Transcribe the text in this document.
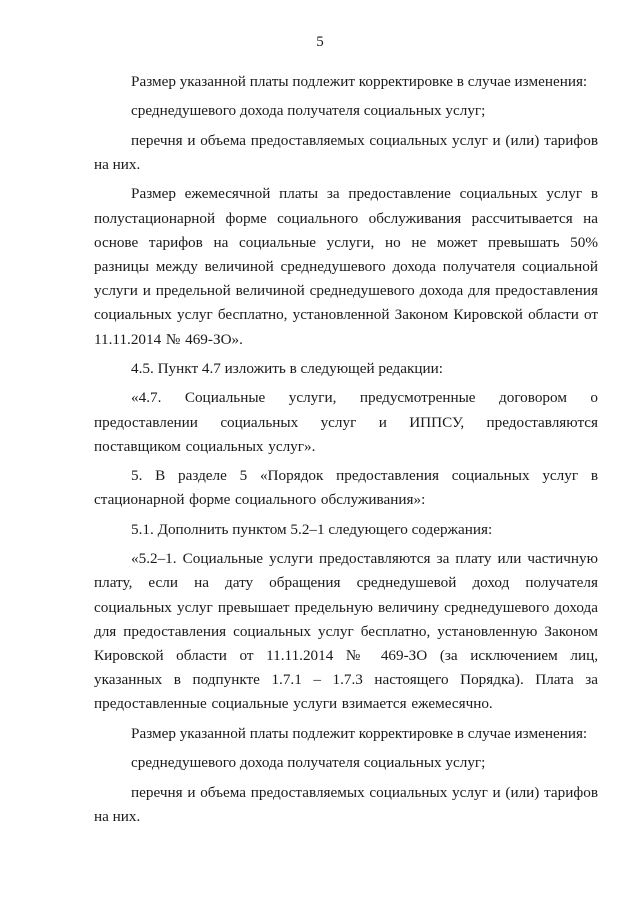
5

Размер указанной платы подлежит корректировке в случае изменения:

среднедушевого дохода получателя социальных услуг;

перечня и объема предоставляемых социальных услуг и (или) тарифов на них.

Размер ежемесячной платы за предоставление социальных услуг в полустационарной форме социального обслуживания рассчитывается на основе тарифов на социальные услуги, но не может превышать 50% разницы между величиной среднедушевого дохода получателя социальной услуги и предельной величиной среднедушевого дохода для предоставления социальных услуг бесплатно, установленной Законом Кировской области от 11.11.2014 № 469-ЗО».

4.5. Пункт 4.7 изложить в следующей редакции:

«4.7. Социальные услуги, предусмотренные договором о предоставлении социальных услуг и ИППСУ, предоставляются поставщиком социальных услуг».

5. В разделе 5 «Порядок предоставления социальных услуг в стационарной форме социального обслуживания»:

5.1. Дополнить пунктом 5.2–1 следующего содержания:

«5.2–1. Социальные услуги предоставляются за плату или частичную плату, если на дату обращения среднедушевой доход получателя социальных услуг превышает предельную величину среднедушевого дохода для предоставления социальных услуг бесплатно, установленную Законом Кировской области от 11.11.2014 № 469-ЗО (за исключением лиц, указанных в подпункте 1.7.1 – 1.7.3 настоящего Порядка). Плата за предоставленные социальные услуги взимается ежемесячно.

Размер указанной платы подлежит корректировке в случае изменения:

среднедушевого дохода получателя социальных услуг;

перечня и объема предоставляемых социальных услуг и (или) тарифов на них.
